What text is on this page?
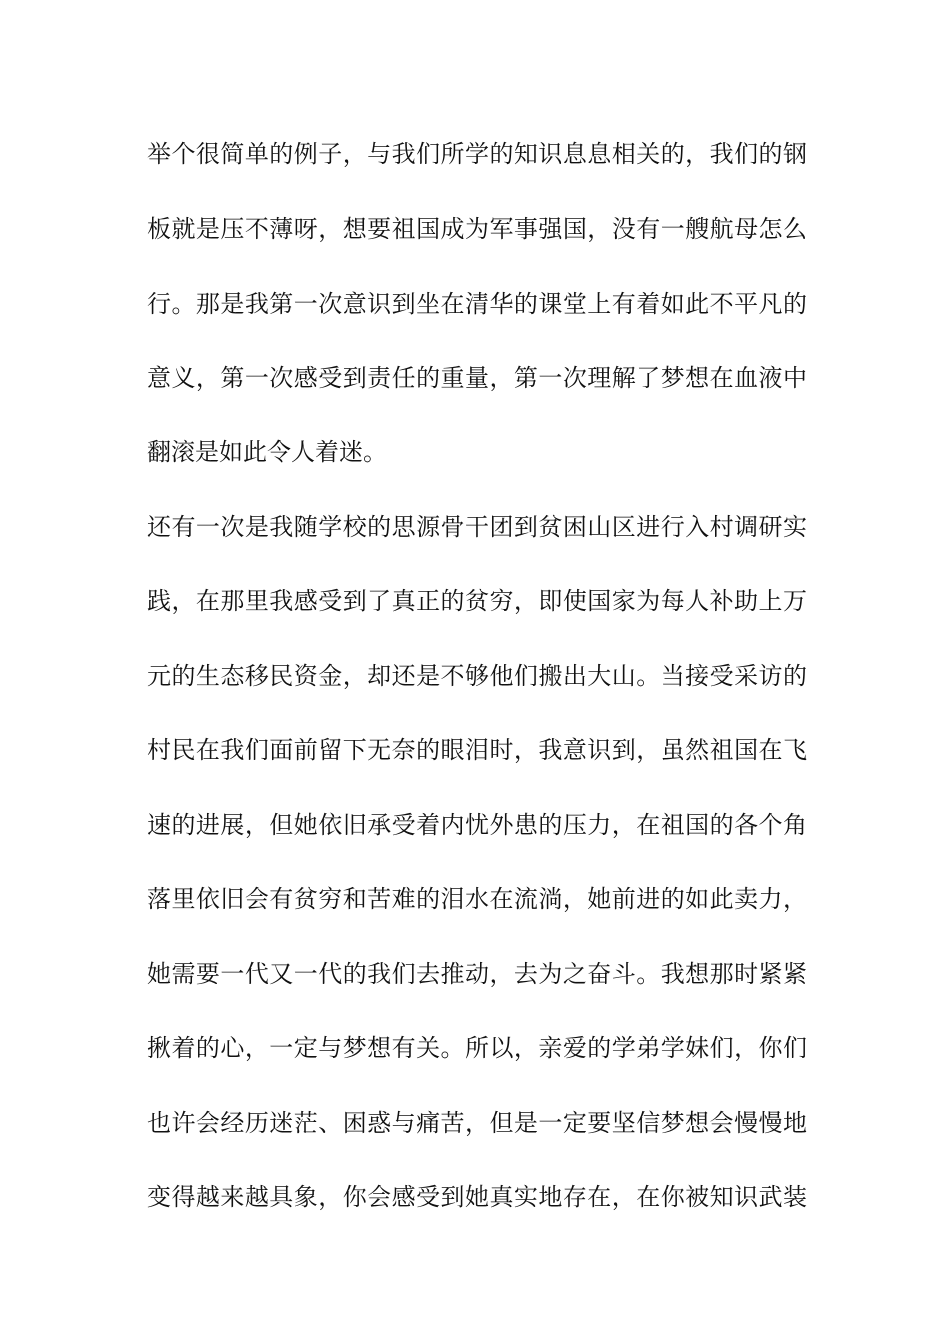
举个很简单的例子，与我们所学的知识息息相关的，我们的钢
板就是压不薄呀，想要祖国成为军事强国，没有一艘航母怎么
行。那是我第一次意识到坐在清华的课堂上有着如此不平凡的
意义，第一次感受到责任的重量，第一次理解了梦想在血液中
翻滚是如此令人着迷。
还有一次是我随学校的思源骨干团到贫困山区进行入村调研实
践，在那里我感受到了真正的贫穷，即使国家为每人补助上万
元的生态移民资金，却还是不够他们搬出大山。当接受采访的
村民在我们面前留下无奈的眼泪时，我意识到，虽然祖国在飞
速的进展，但她依旧承受着内忧外患的压力，在祖国的各个角
落里依旧会有贫穷和苦难的泪水在流淌，她前进的如此卖力，
她需要一代又一代的我们去推动，去为之奋斗。我想那时紧紧
揪着的心，一定与梦想有关。所以，亲爱的学弟学妹们，你们
也许会经历迷茫、困惑与痛苦，但是一定要坚信梦想会慢慢地
变得越来越具象，你会感受到她真实地存在，在你被知识武装
